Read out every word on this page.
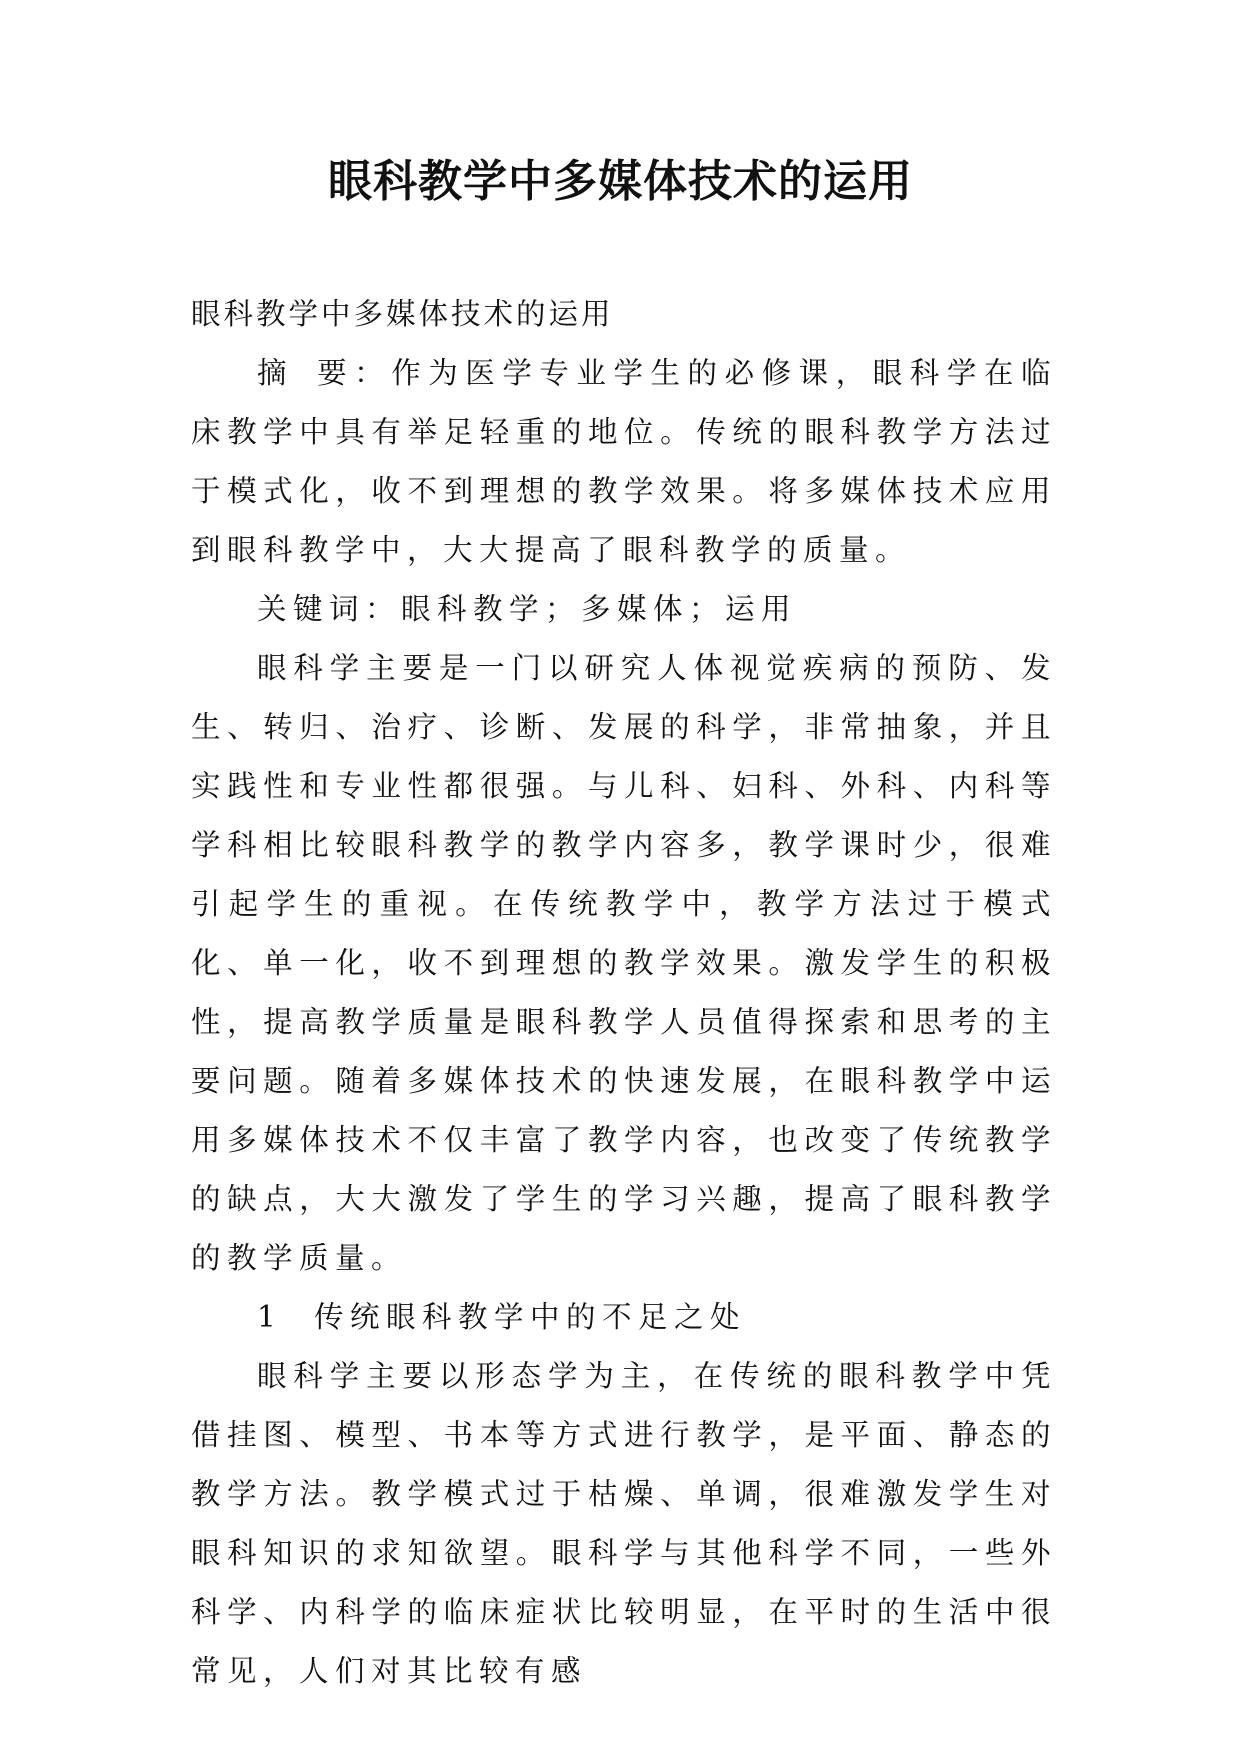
眼科教学中多媒体技术的运用

眼科教学中多媒体技术的运用

摘 要：作为医学专业学生的必修课，眼科学在临床教学中具有举足轻重的地位。传统的眼科教学方法过于模式化，收不到理想的教学效果。将多媒体技术应用到眼科教学中，大大提高了眼科教学的质量。

关键词：眼科教学；多媒体；运用

眼科学主要是一门以研究人体视觉疾病的预防、发生、转归、治疗、诊断、发展的科学，非常抽象，并且实践性和专业性都很强。与儿科、妇科、外科、内科等学科相比较眼科教学的教学内容多，教学课时少，很难引起学生的重视。在传统教学中，教学方法过于模式化、单一化，收不到理想的教学效果。激发学生的积极性，提高教学质量是眼科教学人员值得探索和思考的主要问题。随着多媒体技术的快速发展，在眼科教学中运用多媒体技术不仅丰富了教学内容，也改变了传统教学的缺点，大大激发了学生的学习兴趣，提高了眼科教学的教学质量。

1  传统眼科教学中的不足之处

眼科学主要以形态学为主，在传统的眼科教学中凭借挂图、模型、书本等方式进行教学，是平面、静态的教学方法。教学模式过于枯燥、单调，很难激发学生对眼科知识的求知欲望。眼科学与其他科学不同，一些外科学、内科学的临床症状比较明显，在平时的生活中很常见，人们对其比较有感
